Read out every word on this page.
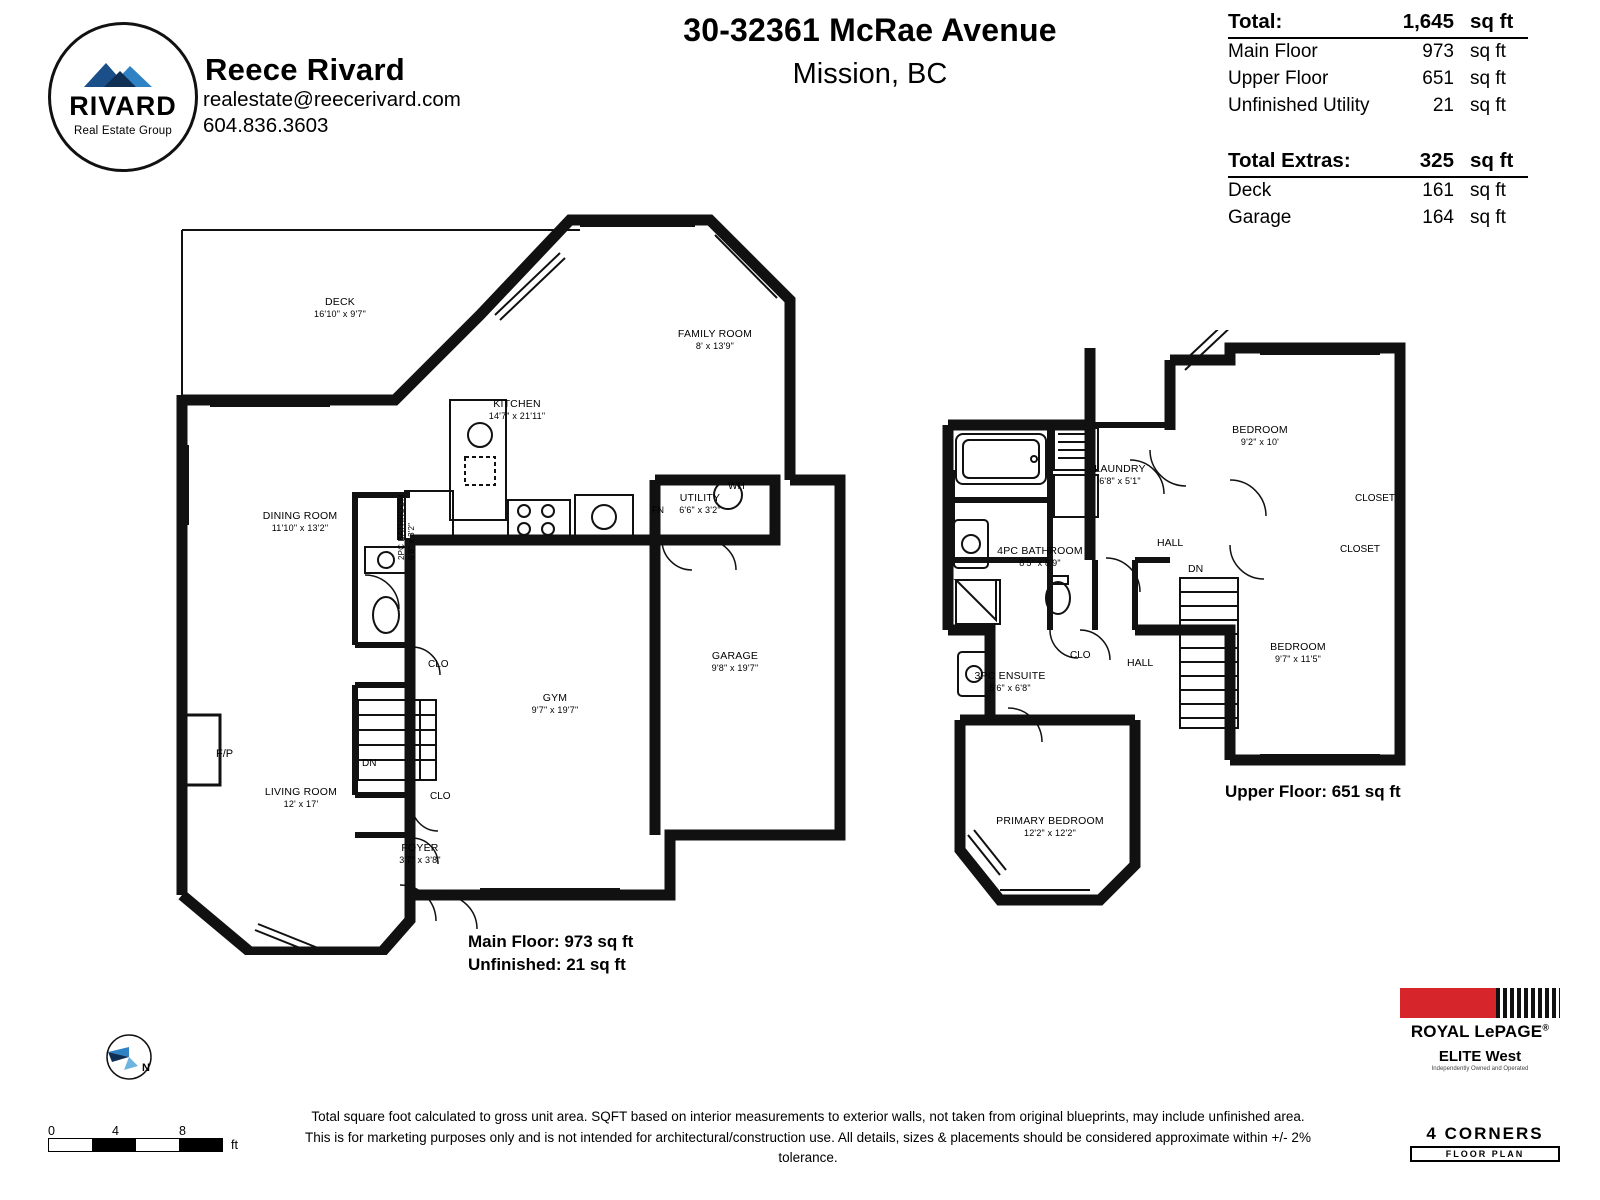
RIVARD
Real Estate Group
Reece Rivard
realestate@reecerivard.com
604.836.3603
30-32361 McRae Avenue
Mission, BC
Total:	1,645	sq ft
Main Floor	973	sq ft
Upper Floor	651	sq ft
Unfinished Utility	21	sq ft

Total Extras:	325	sq ft
Deck	161	sq ft
Garage	164	sq ft
DECK
16'10" x 9'7"
FAMILY ROOM
8' x 13'9"
KITCHEN
14'7" x 21'11"
DINING ROOM
11'10" x 13'2"
UTILITY
6'6" x 3'2"
2PC BATHROOM 6'8" x 3'2"
GARAGE
9'8" x 19'7"
GYM
9'7" x 19'7"
LIVING ROOM
12' x 17'
FOYER
3'7" x 3'8"
WH
FN
F/P
CLO
CLO
DN
Main Floor: 973 sq ft
Unfinished: 21 sq ft
BEDROOM
9'2" x 10'
BEDROOM
9'7" x 11'5"
LAUNDRY
6'8" x 5'1"
4PC BATHROOM
8'5" x 8'9"
3PC ENSUITE
5'6" x 6'8"
PRIMARY BEDROOM
12'2" x 12'2"
HALL
HALL
DN
CLOSET
CLOSET
CLO
Upper Floor: 651 sq ft
Total square foot calculated to gross unit area. SQFT based on interior measurements to exterior walls, not taken from original blueprints, may include unfinished area.
This is for marketing purposes only and is not intended for architectural/construction use. All details, sizes & placements should be considered approximate within +/- 2% tolerance.
N
0	4	8
ft
ROYAL LePAGE®
ELITE West
Independently Owned and Operated
4 CORNERS
FLOOR PLAN
